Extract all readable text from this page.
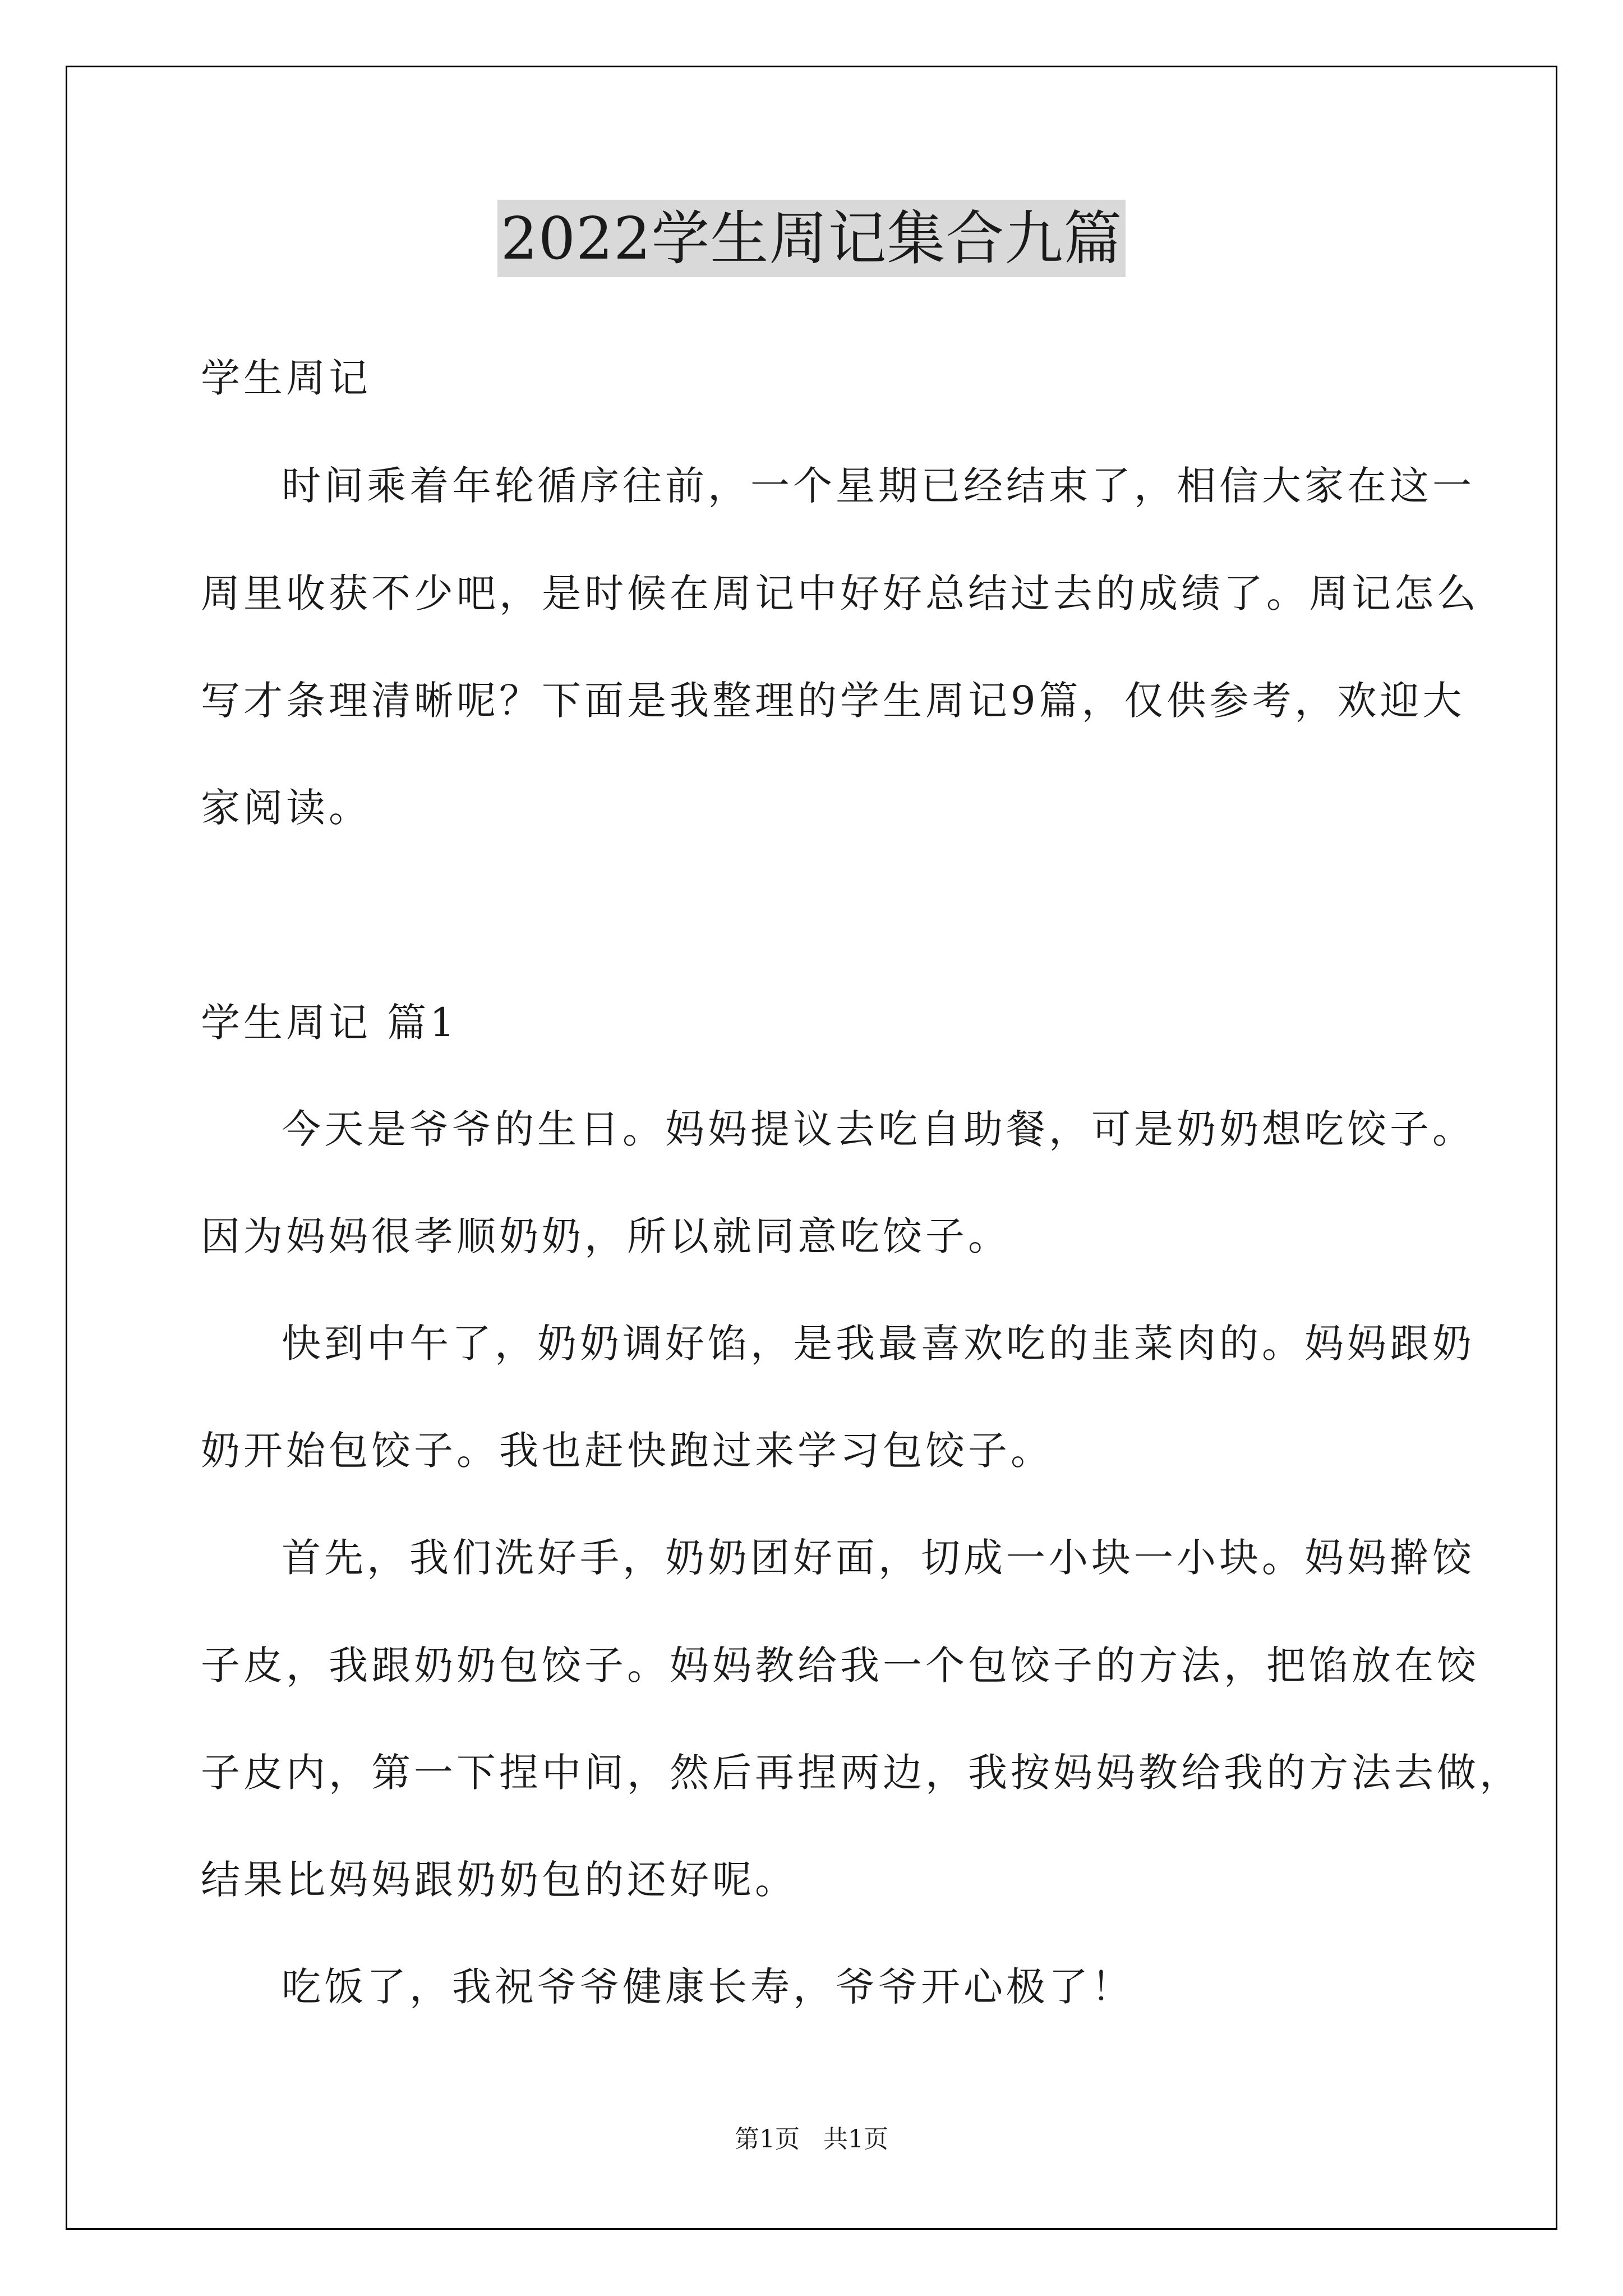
2022学生周记集合九篇
学生周记
时间乘着年轮循序往前，一个星期已经结束了，相信大家在这一
周里收获不少吧，是时候在周记中好好总结过去的成绩了。周记怎么
写才条理清晰呢？下面是我整理的学生周记9篇，仅供参考，欢迎大
家阅读。
学生周记 篇1
今天是爷爷的生日。妈妈提议去吃自助餐，可是奶奶想吃饺子。
因为妈妈很孝顺奶奶，所以就同意吃饺子。
快到中午了，奶奶调好馅，是我最喜欢吃的韭菜肉的。妈妈跟奶
奶开始包饺子。我也赶快跑过来学习包饺子。
首先，我们洗好手，奶奶团好面，切成一小块一小块。妈妈擀饺
子皮，我跟奶奶包饺子。妈妈教给我一个包饺子的方法，把馅放在饺
子皮内，第一下捏中间，然后再捏两边，我按妈妈教给我的方法去做，
结果比妈妈跟奶奶包的还好呢。
吃饭了，我祝爷爷健康长寿，爷爷开心极了！
第1页 共1页
